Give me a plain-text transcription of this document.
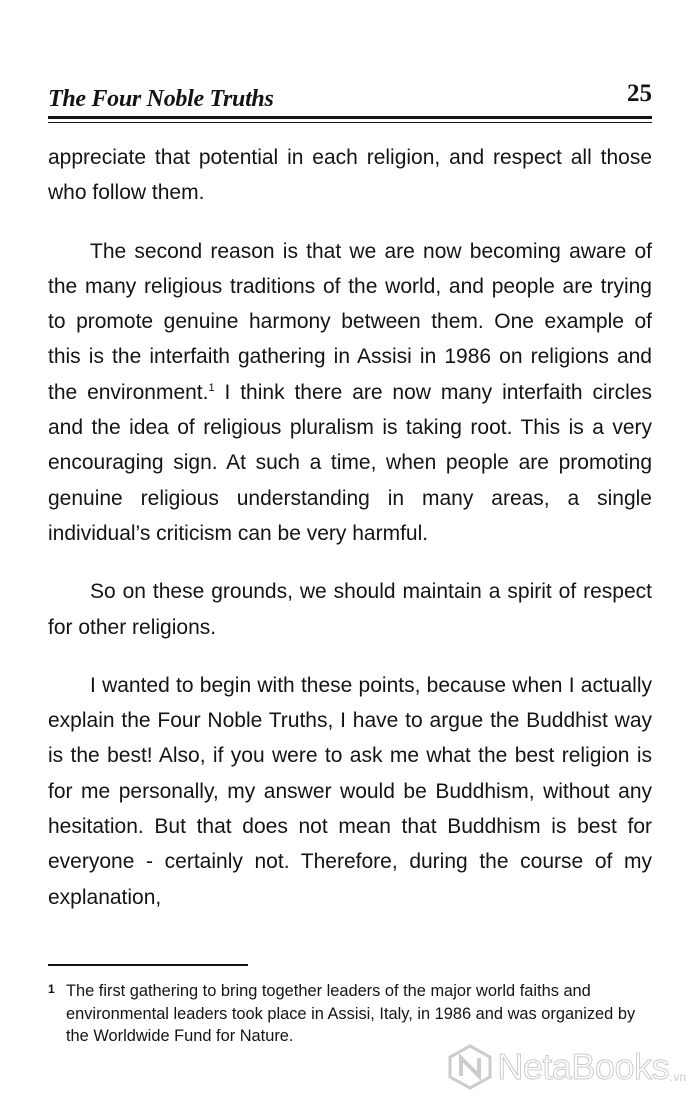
The Four Noble Truths	25

appreciate that potential in each religion, and respect all those who follow them.

The second reason is that we are now becoming aware of the many religious traditions of the world, and people are trying to promote genuine harmony between them. One example of this is the interfaith gathering in Assisi in 1986 on religions and the environment.$^1$ I think there are now many interfaith circles and the idea of religious pluralism is taking root. This is a very encouraging sign. At such a time, when people are promoting genuine religious understanding in many areas, a single individual’s criticism can be very harmful.

So on these grounds, we should maintain a spirit of respect for other religions.

I wanted to begin with these points, because when I actually explain the Four Noble Truths, I have to argue the Buddhist way is the best! Also, if you were to ask me what the best religion is for me personally, my answer would be Buddhism, without any hesitation. But that does not mean that Buddhism is best for everyone - certainly not. Therefore, during the course of my explanation,

1 The first gathering to bring together leaders of the major world faiths and environmental leaders took place in Assisi, Italy, in 1986 and was organized by the Worldwide Fund for Nature.
NetaBooks .vn
